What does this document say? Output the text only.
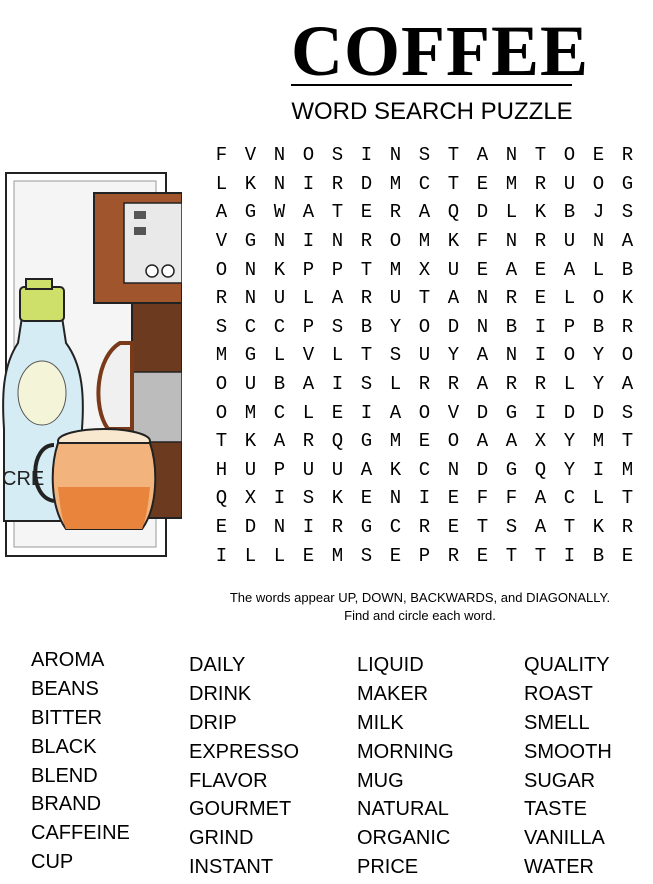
COFFEE
WORD SEARCH PUZZLE
CRE
F V N O S I N S T A N T O E R
L K N I R D M C T E M R U O G
A G W A T E R A Q D L K B J S
V G N I N R O M K F N R U N A
O N K P P T M X U E A E A L B
R N U L A R U T A N R E L O K
S C C P S B Y O D N B I P B R
M G L V L T S U Y A N I O Y O
O U B A I S L R R A R R L Y A
O M C L E I A O V D G I D D S
T K A R Q G M E O A A X Y M T
H U P U U A K C N D G Q Y I M
Q X I S K E N I E F F A C L T
E D N I R G C R E T S A T K R
I L L E M S E P R E T T I B E
The words appear UP, DOWN, BACKWARDS, and DIAGONALLY.
Find and circle each word.
AROMA
BEANS
BITTER
BLACK
BLEND
BRAND
CAFFEINE
CUP
DAILY
DRINK
DRIP
EXPRESSO
FLAVOR
GOURMET
GRIND
INSTANT
LIQUID
MAKER
MILK
MORNING
MUG
NATURAL
ORGANIC
PRICE
QUALITY
ROAST
SMELL
SMOOTH
SUGAR
TASTE
VANILLA
WATER
